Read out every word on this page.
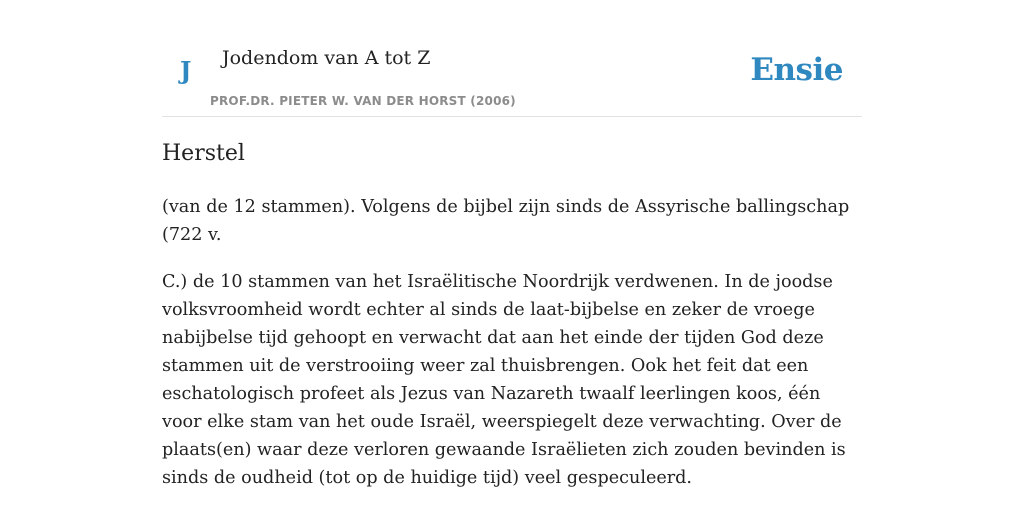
J Jodendom van A tot Z
PROF.DR. PIETER W. VAN DER HORST (2006)
Ensie
Herstel

(van de 12 stammen). Volgens de bijbel zijn sinds de Assyrische ballingschap (722 v.

C.) de 10 stammen van het Israëlitische Noordrijk verdwenen. In de joodse volksvroomheid wordt echter al sinds de laat-bijbelse en zeker de vroege nabijbelse tijd gehoopt en verwacht dat aan het einde der tijden God deze stammen uit de verstrooiing weer zal thuisbrengen. Ook het feit dat een eschatologisch profeet als Jezus van Nazareth twaalf leerlingen koos, één voor elke stam van het oude Israël, weerspiegelt deze verwachting. Over de plaats(en) waar deze verloren gewaande Israëlieten zich zouden bevinden is sinds de oudheid (tot op de huidige tijd) veel gespeculeerd.
